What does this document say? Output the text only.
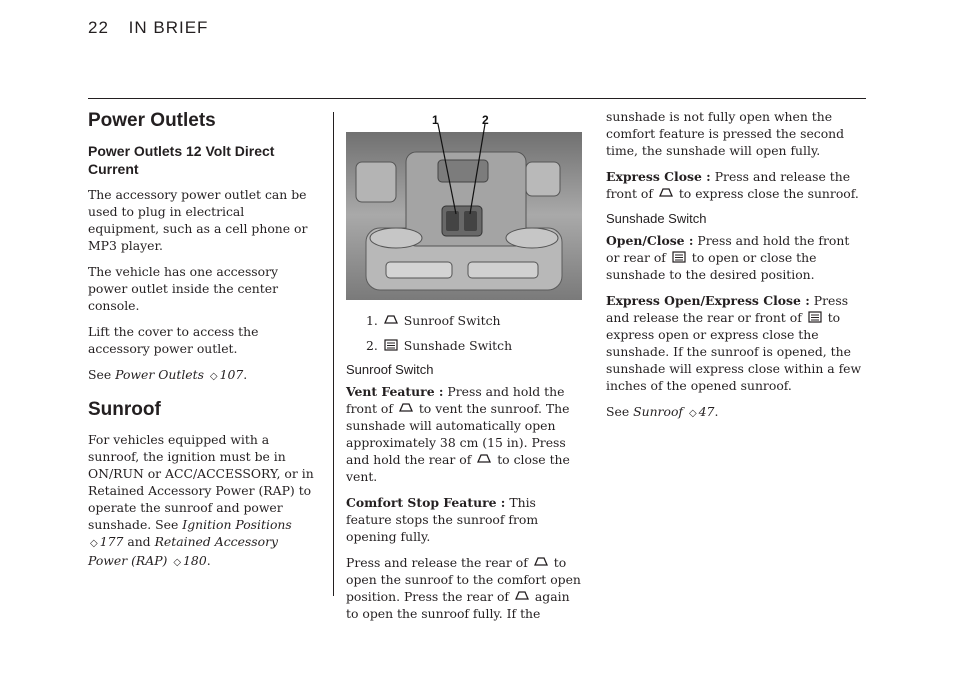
22 IN BRIEF
Power Outlets
Power Outlets 12 Volt Direct Current

The accessory power outlet can be used to plug in electrical equipment, such as a cell phone or MP3 player.

The vehicle has one accessory power outlet inside the center console.

Lift the cover to access the accessory power outlet.

See Power Outlets ◇ 107.

Sunroof

For vehicles equipped with a sunroof, the ignition must be in ON/RUN or ACC/ACCESSORY, or in Retained Accessory Power (RAP) to operate the sunroof and power sunshade. See Ignition Positions ◇ 177 and Retained Accessory Power (RAP) ◇ 180.

1	2
1. Sunroof Switch
2. Sunshade Switch
Sunroof Switch

Vent Feature : Press and hold the front of to vent the sunroof. The sunshade will automatically open approximately 38 cm (15 in). Press and hold the rear of to close the vent.

Comfort Stop Feature : This feature stops the sunroof from opening fully.

Press and release the rear of to open the sunroof to the comfort open position. Press the rear of again to open the sunroof fully. If the

sunshade is not fully open when the comfort feature is pressed the second time, the sunshade will open fully.

Express Close : Press and release the front of to express close the sunroof.

Sunshade Switch

Open/Close : Press and hold the front or rear of to open or close the sunshade to the desired position.

Express Open/Express Close : Press and release the rear or front of to express open or express close the sunshade. If the sunroof is opened, the sunshade will express close within a few inches of the opened sunroof.

See Sunroof ◇ 47.
